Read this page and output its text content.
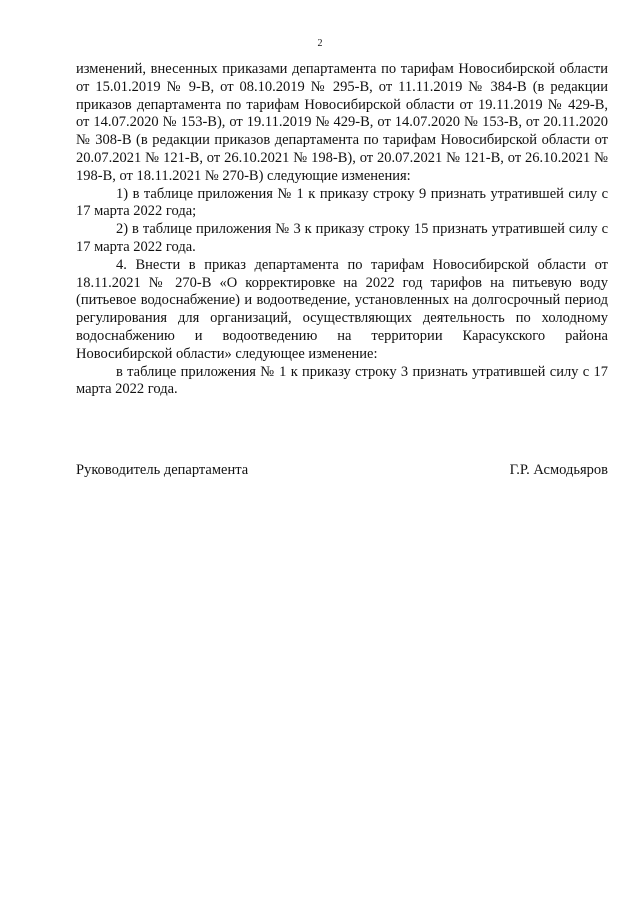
2

изменений, внесенных приказами департамента по тарифам Новосибирской области от 15.01.2019 № 9-В, от 08.10.2019 № 295-В, от 11.11.2019 № 384-В (в редакции приказов департамента по тарифам Новосибирской области от 19.11.2019 № 429-В, от 14.07.2020 № 153-В), от 19.11.2019 № 429-В, от 14.07.2020 № 153-В, от 20.11.2020 № 308-В (в редакции приказов департамента по тарифам Новосибирской области от 20.07.2021 № 121-В, от 26.10.2021 № 198-В), от 20.07.2021 № 121-В, от 26.10.2021 № 198-В, от 18.11.2021 № 270-В) следующие изменения:

1) в таблице приложения № 1 к приказу строку 9 признать утратившей силу с 17 марта 2022 года;

2) в таблице приложения № 3 к приказу строку 15 признать утратившей силу с 17 марта 2022 года.

4. Внести в приказ департамента по тарифам Новосибирской области от 18.11.2021 № 270-В «О корректировке на 2022 год тарифов на питьевую воду (питьевое водоснабжение) и водоотведение, установленных на долгосрочный период регулирования для организаций, осуществляющих деятельность по холодному водоснабжению и водоотведению на территории Карасукского района Новосибирской области» следующее изменение:

в таблице приложения № 1 к приказу строку 3 признать утратившей силу с 17 марта 2022 года.

Руководитель департамента	Г.Р. Асмодьяров
